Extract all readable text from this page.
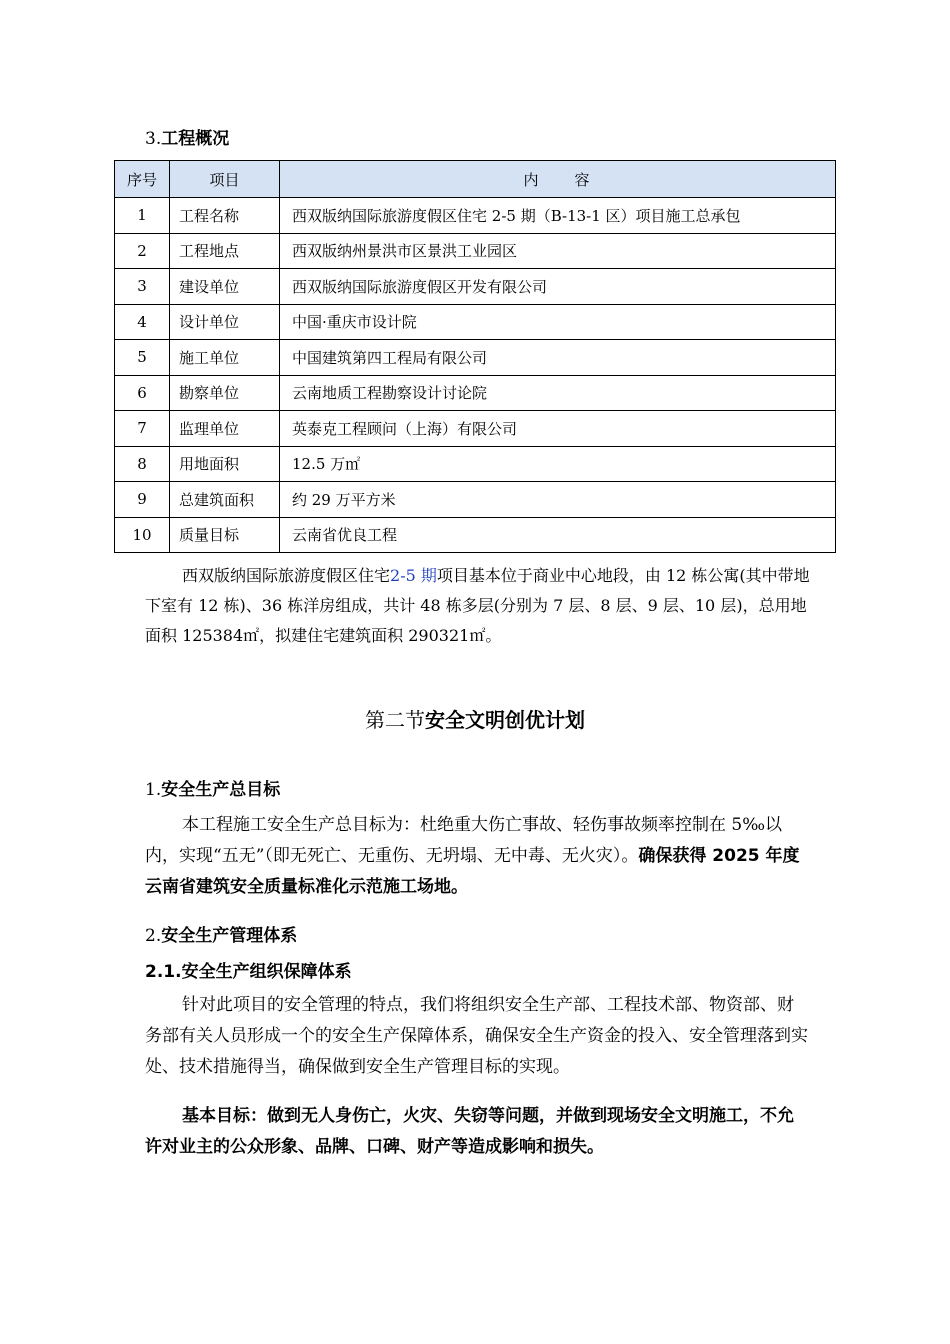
3.工程概况
序号	项目	内　　容
1	工程名称	西双版纳国际旅游度假区住宅 2-5 期（B-13-1 区）项目施工总承包
2	工程地点	西双版纳州景洪市区景洪工业园区
3	建设单位	西双版纳国际旅游度假区开发有限公司
4	设计单位	中国·重庆市设计院
5	施工单位	中国建筑第四工程局有限公司
6	勘察单位	云南地质工程勘察设计讨论院
7	监理单位	英泰克工程顾问（上海）有限公司
8	用地面积	12.5 万㎡
9	总建筑面积	约 29 万平方米
10	质量目标	云南省优良工程
西双版纳国际旅游度假区住宅2-5 期项目基本位于商业中心地段，由 12 栋公寓(其中带地下室有 12 栋)、36 栋洋房组成，共计 48 栋多层(分别为 7 层、8 层、9 层、10 层)，总用地面积 125384㎡，拟建住宅建筑面积 290321㎡。
第二节安全文明创优计划
1.安全生产总目标
本工程施工安全生产总目标为：杜绝重大伤亡事故、轻伤事故频率控制在 5‰以内，实现“五无”（即无死亡、无重伤、无坍塌、无中毒、无火灾）。确保获得 2025 年度云南省建筑安全质量标准化示范施工场地。
2.安全生产管理体系
2.1.安全生产组织保障体系
针对此项目的安全管理的特点，我们将组织安全生产部、工程技术部、物资部、财务部有关人员形成一个的安全生产保障体系，确保安全生产资金的投入、安全管理落到实处、技术措施得当，确保做到安全生产管理目标的实现。
基本目标：做到无人身伤亡，火灾、失窃等问题，并做到现场安全文明施工，不允许对业主的公众形象、品牌、口碑、财产等造成影响和损失。
